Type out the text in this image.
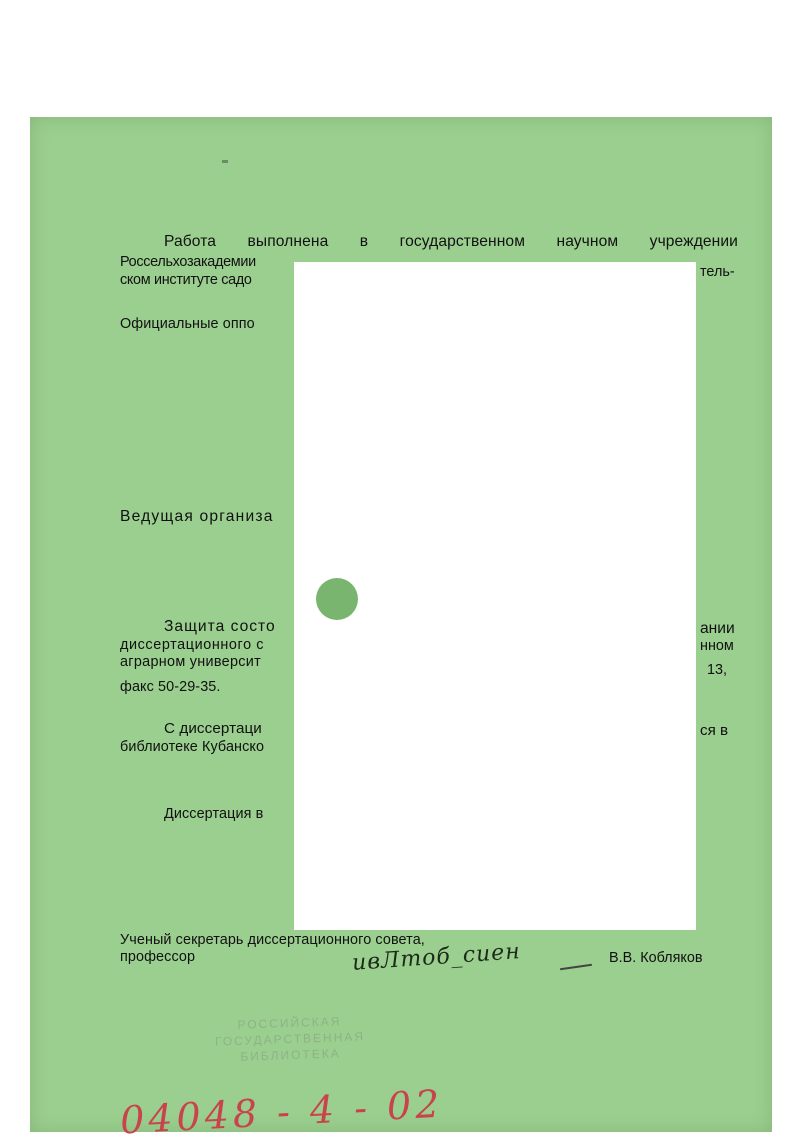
Работа выполнена в государственном научном учреждении
Россельхозакадемии
тель-
ском институте садо
Официальные оппо
Ведущая организа
Защита состо	ании
диссертационного с	нном
аграрном университ	13,
факс 50-29-35.
С диссертаци	ся в
библиотеке Кубанско
Диссертация в
Ученый секретарь диссертационного совета,
профессор	ивЛтоб_сиен	В.В. Кобляков
РОССИЙСКАЯ
ГОСУДАРСТВЕННАЯ
БИБЛИОТЕКА
04048 - 4 - 02
